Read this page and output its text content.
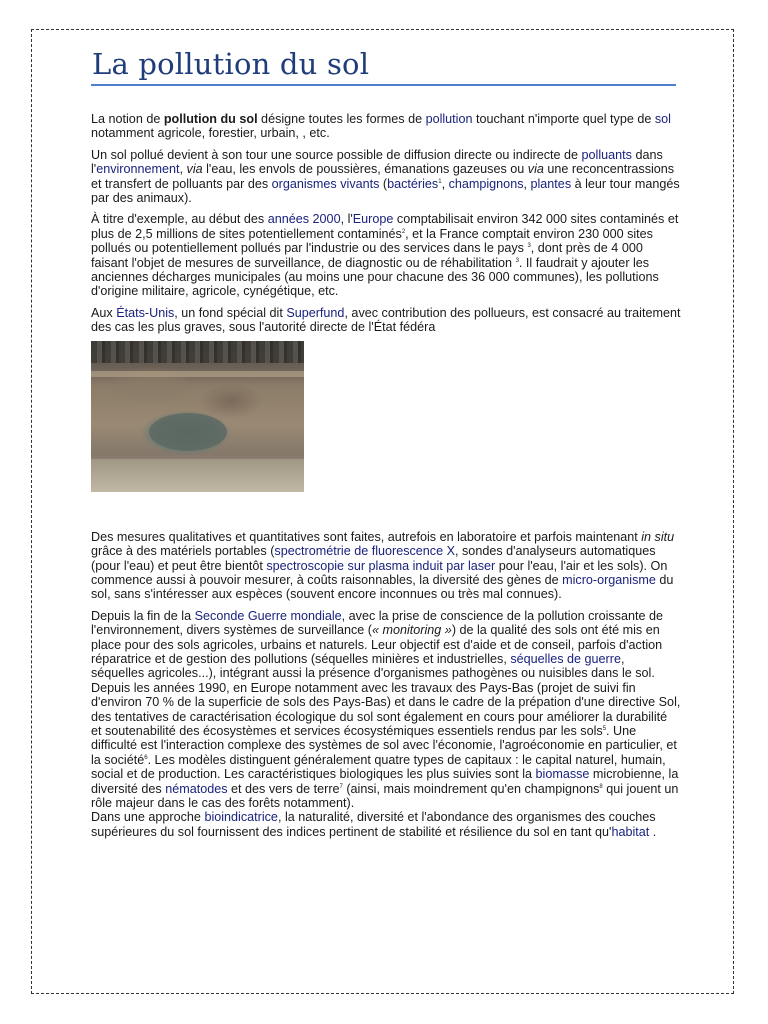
La pollution du sol

La notion de pollution du sol désigne toutes les formes de pollution touchant n'importe quel type de sol notamment agricole, forestier, urbain, , etc.

Un sol pollué devient à son tour une source possible de diffusion directe ou indirecte de polluants dans l'environnement, via l'eau, les envols de poussières, émanations gazeuses ou via une reconcentrassions et transfert de polluants par des organismes vivants (bactéries$^1$, champignons, plantes à leur tour mangés par des animaux).

À titre d'exemple, au début des années 2000, l'Europe comptabilisait environ 342 000 sites contaminés et plus de 2,5 millions de sites potentiellement contaminés$^2$, et la France comptait environ 230 000 sites pollués ou potentiellement pollués par l'industrie ou des services dans le pays $^3$, dont près de 4 000 faisant l'objet de mesures de surveillance, de diagnostic ou de réhabilitation $^3$. Il faudrait y ajouter les anciennes décharges municipales (au moins une pour chacune des 36 000 communes), les pollutions d'origine militaire, agricole, cynégétique, etc.

Aux États-Unis, un fond spécial dit Superfund, avec contribution des pollueurs, est consacré au traitement des cas les plus graves, sous l'autorité directe de l'État fédéra

Des mesures qualitatives et quantitatives sont faites, autrefois en laboratoire et parfois maintenant in situ grâce à des matériels portables (spectrométrie de fluorescence X, sondes d'analyseurs automatiques (pour l'eau) et peut être bientôt spectroscopie sur plasma induit par laser pour l'eau, l'air et les sols). On commence aussi à pouvoir mesurer, à coûts raisonnables, la diversité des gènes de micro-organisme du sol, sans s'intéresser aux espèces (souvent encore inconnues ou très mal connues).

Depuis la fin de la Seconde Guerre mondiale, avec la prise de conscience de la pollution croissante de l'environnement, divers systèmes de surveillance (« monitoring ») de la qualité des sols ont été mis en place pour des sols agricoles, urbains et naturels. Leur objectif est d'aide et de conseil, parfois d'action réparatrice et de gestion des pollutions (séquelles minières et industrielles, séquelles de guerre, séquelles agricoles...), intégrant aussi la présence d'organismes pathogènes ou nuisibles dans le sol.

Depuis les années 1990, en Europe notamment avec les travaux des Pays-Bas (projet de suivi fin d'environ 70 % de la superficie de sols des Pays-Bas) et dans le cadre de la prépation d'une directive Sol, des tentatives de caractérisation écologique du sol sont également en cours pour améliorer la durabilité et soutenabilité des écosystèmes et services écosystémiques essentiels rendus par les sols$^5$. Une difficulté est l'interaction complexe des systèmes de sol avec l'économie, l'agroéconomie en particulier, et la société$^6$. Les modèles distinguent généralement quatre types de capitaux : le capital naturel, humain, social et de production. Les caractéristiques biologiques les plus suivies sont la biomasse microbienne, la diversité des nématodes et des vers de terre$^7$ (ainsi, mais moindrement qu'en champignons$^8$ qui jouent un rôle majeur dans le cas des forêts notamment).

Dans une approche bioindicatrice, la naturalité, diversité et l'abondance des organismes des couches supérieures du sol fournissent des indices pertinent de stabilité et résilience du sol en tant qu'habitat .
